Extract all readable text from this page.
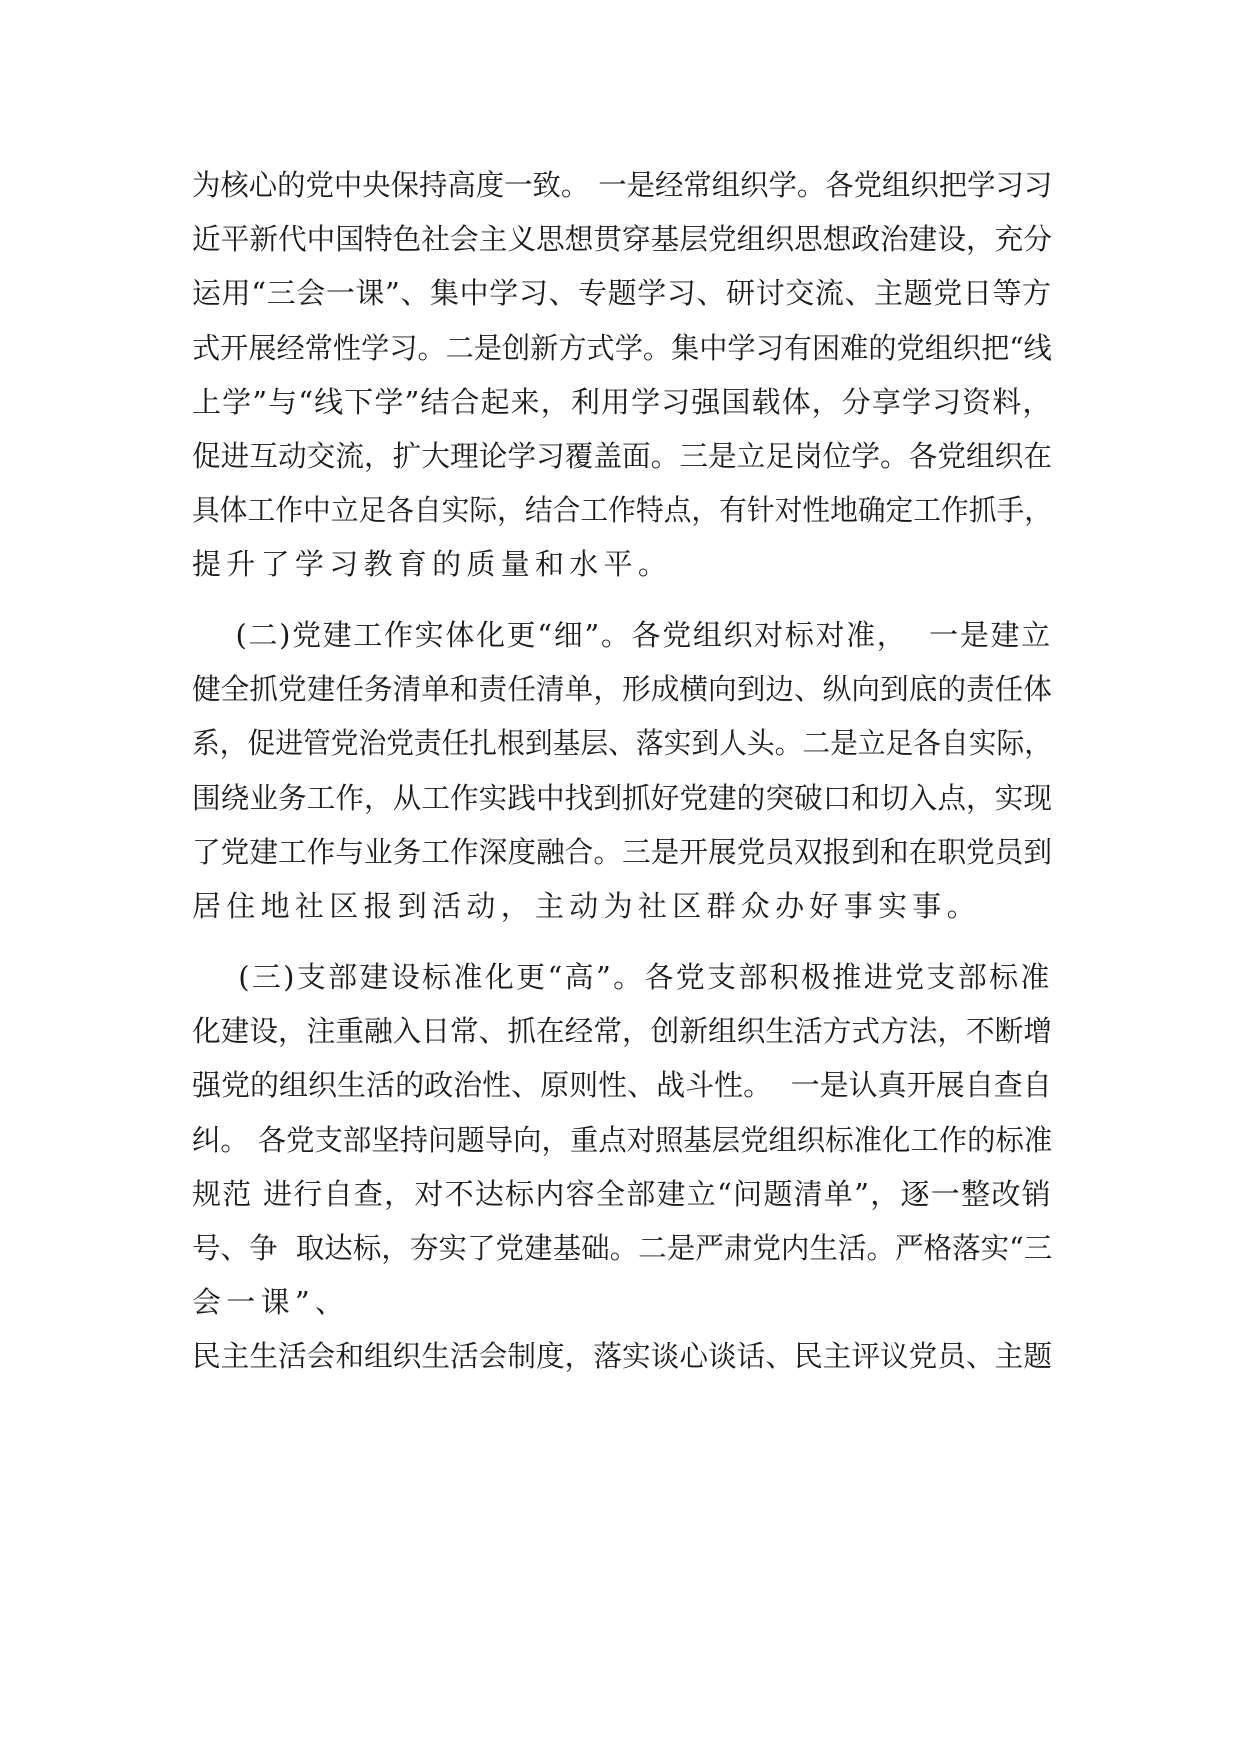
为核心的党中央保持高度一致。 一是经常组织学。各党组织把学习习
近平新代中国特色社会主义思想贯穿基层党组织思想政治建设，充分
运用“三会一课”、集中学习、专题学习、研讨交流、主题党日等方
式开展经常性学习。二是创新方式学。集中学习有困难的党组织把“线
上学”与“线下学”结合起来，利用学习强国载体，分享学习资料，
促进互动交流，扩大理论学习覆盖面。三是立足岗位学。各党组织在
具体工作中立足各自实际，结合工作特点，有针对性地确定工作抓手，
提升了学习教育的质量和水平。
(二)党建工作实体化更“细”。各党组织对标对准，  一是建立
健全抓党建任务清单和责任清单，形成横向到边、纵向到底的责任体
系，促进管党治党责任扎根到基层、落实到人头。二是立足各自实际，
围绕业务工作，从工作实践中找到抓好党建的突破口和切入点，实现
了党建工作与业务工作深度融合。三是开展党员双报到和在职党员到
居住地社区报到活动，主动为社区群众办好事实事。
(三)支部建设标准化更“高”。各党支部积极推进党支部标准
化建设，注重融入日常、抓在经常，创新组织生活方式方法，不断增
强党的组织生活的政治性、原则性、战斗性。  一是认真开展自查自
纠。 各党支部坚持问题导向，重点对照基层党组织标准化工作的标准
规范 进行自查，对不达标内容全部建立“问题清单”，逐一整改销
号、争  取达标，夯实了党建基础。二是严肃党内生活。严格落实“三
会一课”、
民主生活会和组织生活会制度，落实谈心谈话、民主评议党员、主题
